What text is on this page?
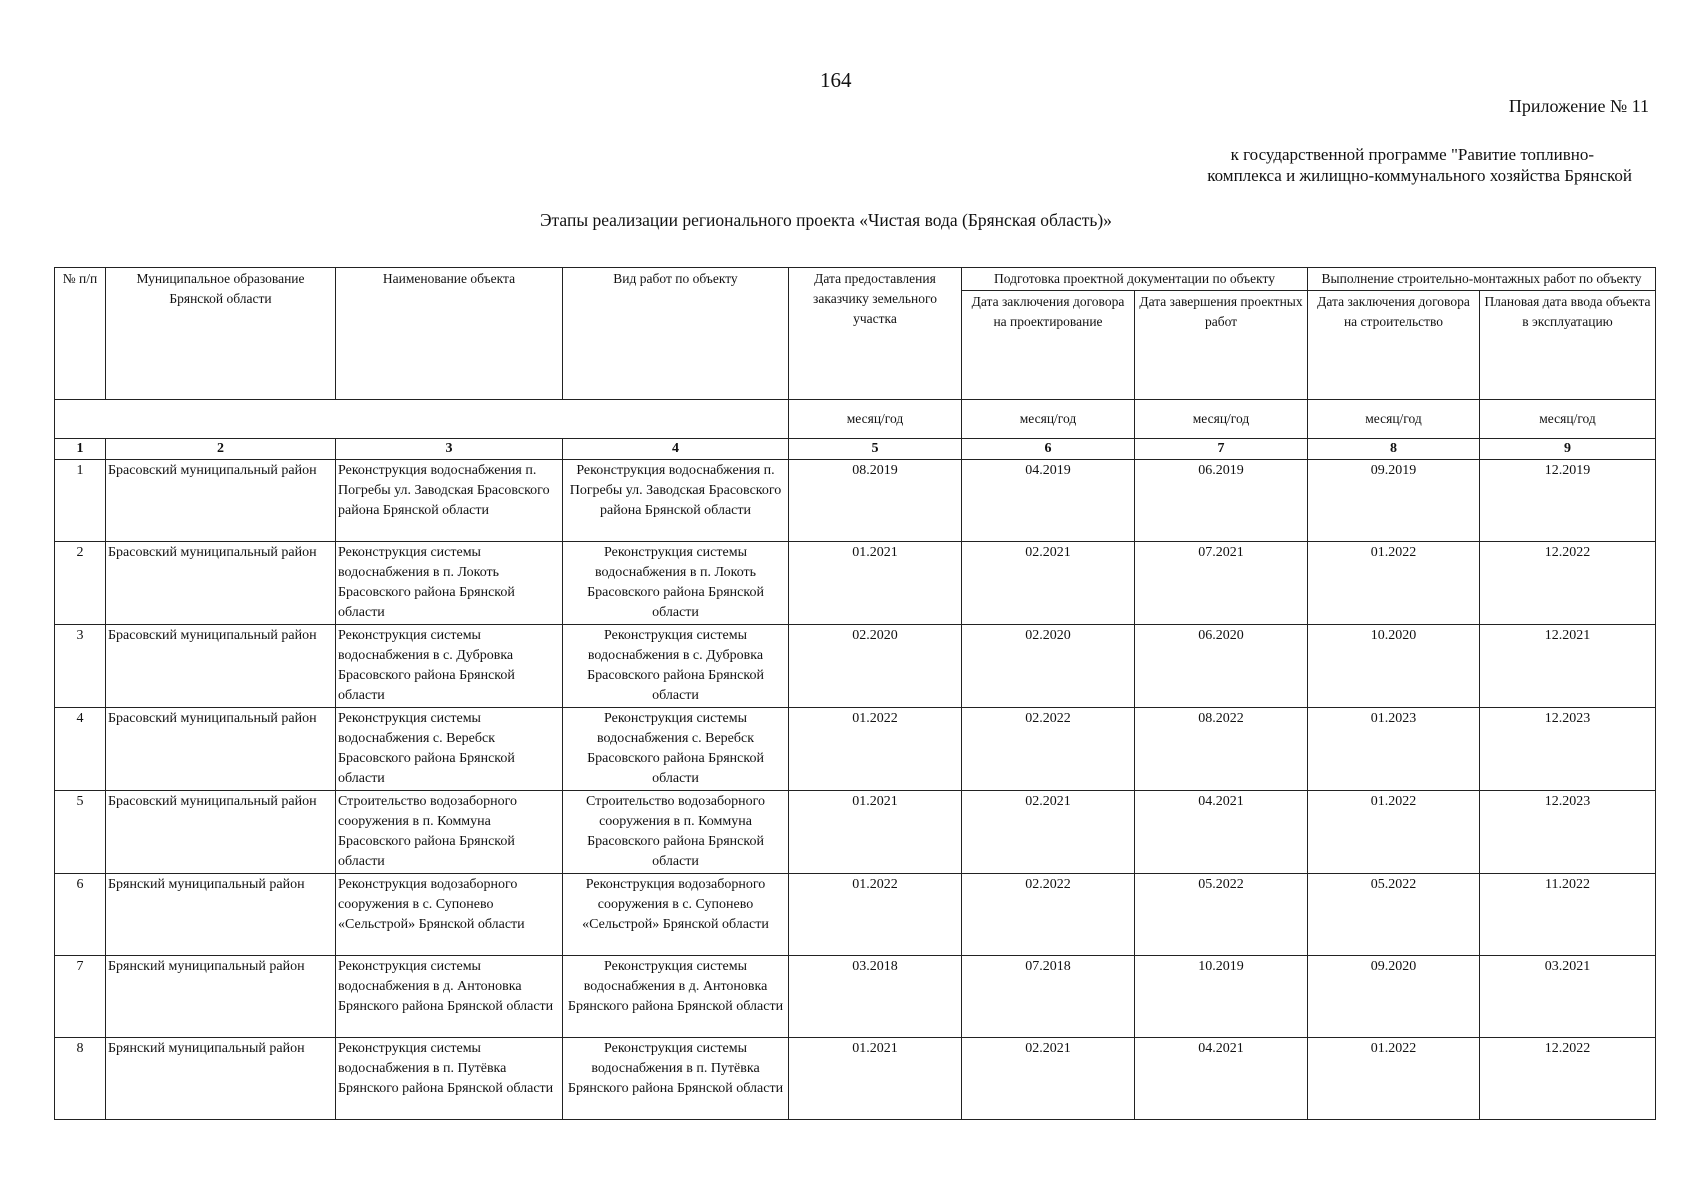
164
Приложение № 11
к государственной программе "Равитие топливно-
комплекса и жилищно-коммунального хозяйства Брянской
Этапы реализации регионального проекта «Чистая вода (Брянская область)»
№ п/п	Муниципальное образование Брянской области	Наименование объекта	Вид работ по объекту	Дата предоставления заказчику земельного участка	Подготовка проектной документации по объекту		Выполнение строительно-монтажных работ по объекту	
					Дата заключения договора на проектирование	Дата завершения проектных работ	Дата заключения договора на строительство	Плановая дата ввода объекта в эксплуатацию
				месяц/год	месяц/год	месяц/год	месяц/год	месяц/год
1	2	3	4	5	6	7	8	9
1	Брасовский муниципальный район	Реконструкция водоснабжения п. Погребы ул. Заводская Брасовского района Брянской области	Реконструкция водоснабжения п. Погребы ул. Заводская Брасовского района Брянской области	08.2019	04.2019	06.2019	09.2019	12.2019
2	Брасовский муниципальный район	Реконструкция системы водоснабжения в п. Локоть Брасовского района Брянской области	Реконструкция системы водоснабжения в п. Локоть Брасовского района Брянской области	01.2021	02.2021	07.2021	01.2022	12.2022
3	Брасовский муниципальный район	Реконструкция системы водоснабжения в с. Дубровка Брасовского района Брянской области	Реконструкция системы водоснабжения в с. Дубровка Брасовского района Брянской области	02.2020	02.2020	06.2020	10.2020	12.2021
4	Брасовский муниципальный район	Реконструкция системы водоснабжения с. Веребск Брасовского района Брянской области	Реконструкция системы водоснабжения с. Веребск Брасовского района Брянской области	01.2022	02.2022	08.2022	01.2023	12.2023
5	Брасовский муниципальный район	Строительство водозаборного сооружения в п. Коммуна Брасовского района Брянской области	Строительство водозаборного сооружения в п. Коммуна Брасовского района Брянской области	01.2021	02.2021	04.2021	01.2022	12.2023
6	Брянский муниципальный район	Реконструкция водозаборного сооружения в с. Супонево «Сельстрой» Брянской области	Реконструкция водозаборного сооружения в с. Супонево «Сельстрой» Брянской области	01.2022	02.2022	05.2022	05.2022	11.2022
7	Брянский муниципальный район	Реконструкция системы водоснабжения в д. Антоновка Брянского района Брянской области	Реконструкция системы водоснабжения в д. Антоновка Брянского района Брянской области	03.2018	07.2018	10.2019	09.2020	03.2021
8	Брянский муниципальный район	Реконструкция системы водоснабжения в п. Путёвка Брянского района Брянской области	Реконструкция системы водоснабжения в п. Путёвка Брянского района Брянской области	01.2021	02.2021	04.2021	01.2022	12.2022
